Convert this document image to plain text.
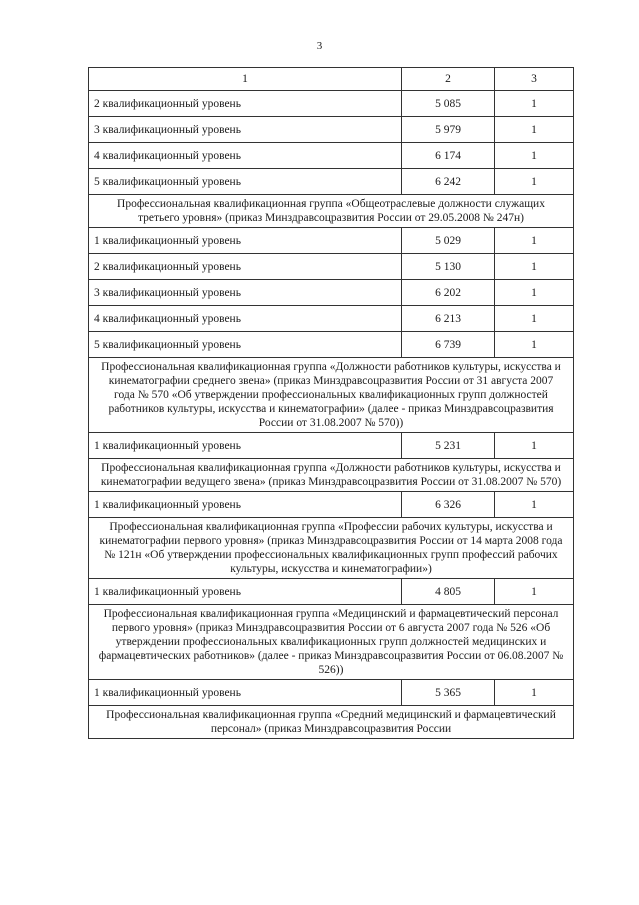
3
1	2	3
2 квалификационный уровень	5 085	1
3 квалификационный уровень	5 979	1
4 квалификационный уровень	6 174	1
5 квалификационный уровень	6 242	1
Профессиональная квалификационная группа «Общеотраслевые должности служащих третьего уровня» (приказ Минздравсоцразвития России от 29.05.2008 № 247н)		
1 квалификационный уровень	5 029	1
2 квалификационный уровень	5 130	1
3 квалификационный уровень	6 202	1
4 квалификационный уровень	6 213	1
5 квалификационный уровень	6 739	1
Профессиональная квалификационная группа «Должности работников культуры, искусства и кинематографии среднего звена» (приказ Минздравсоцразвития России от 31 августа 2007 года № 570 «Об утверждении профессиональных квалификационных групп должностей работников культуры, искусства и кинематографии» (далее - приказ Минздравсоцразвития России от 31.08.2007 № 570))		
1 квалификационный уровень	5 231	1
Профессиональная квалификационная группа «Должности работников культуры, искусства и кинематографии ведущего звена» (приказ Минздравсоцразвития России от 31.08.2007 № 570)		
1 квалификационный уровень	6 326	1
Профессиональная квалификационная группа «Профессии рабочих культуры, искусства и кинематографии первого уровня» (приказ Минздравсоцразвития России от 14 марта 2008 года № 121н «Об утверждении профессиональных квалификационных групп профессий рабочих культуры, искусства и кинематографии»)		
1 квалификационный уровень	4 805	1
Профессиональная квалификационная группа «Медицинский и фармацевтический персонал первого уровня» (приказ Минздравсоцразвития России от 6 августа 2007 года № 526 «Об утверждении профессиональных квалификационных групп должностей медицинских и фармацевтических работников» (далее - приказ Минздравсоцразвития России от 06.08.2007 № 526))		
1 квалификационный уровень	5 365	1
Профессиональная квалификационная группа «Средний медицинский и фармацевтический персонал» (приказ Минздравсоцразвития России		
